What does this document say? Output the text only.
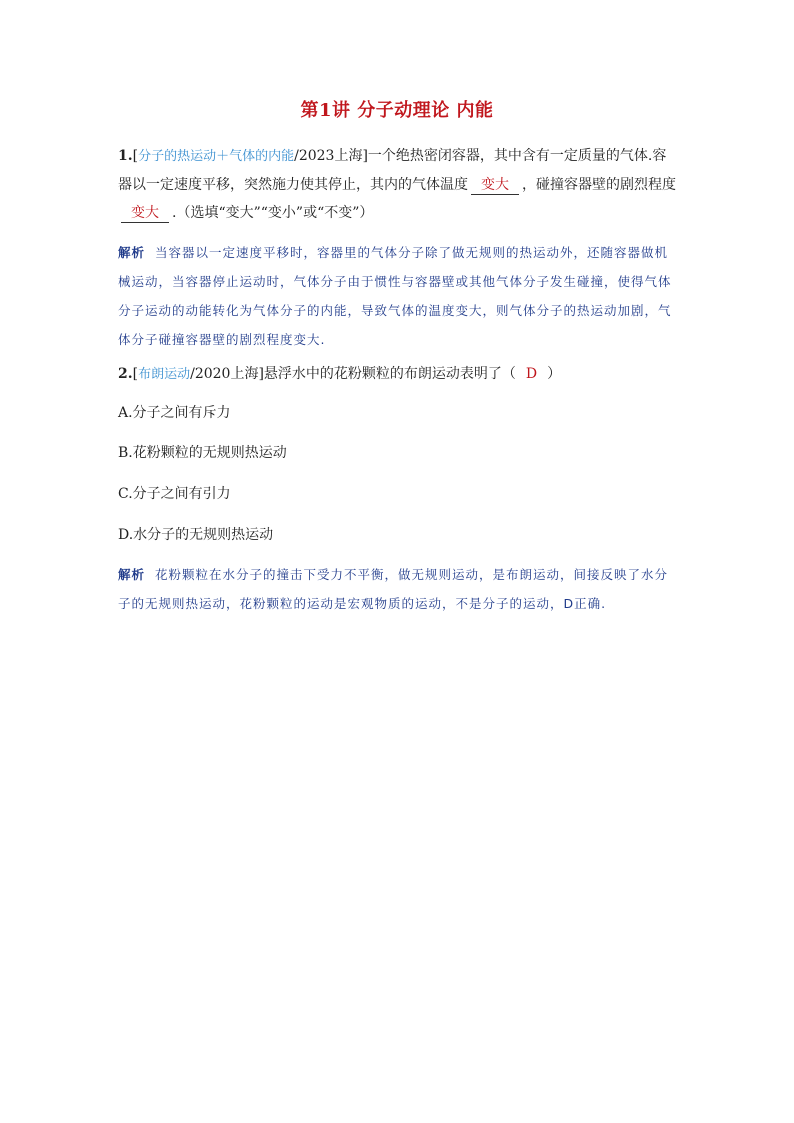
第1讲 分子动理论 内能
1.[分子的热运动＋气体的内能/2023上海]一个绝热密闭容器，其中含有一定质量的气体.容器以一定速度平移，突然施力使其停止，其内的气体温度 变大 ，碰撞容器壁的剧烈程度变大 .（选填“变大”“变小”或“不变”）
解析 当容器以一定速度平移时，容器里的气体分子除了做无规则的热运动外，还随容器做机械运动，当容器停止运动时，气体分子由于惯性与容器壁或其他气体分子发生碰撞，使得气体分子运动的动能转化为气体分子的内能，导致气体的温度变大，则气体分子的热运动加剧，气体分子碰撞容器壁的剧烈程度变大.
2.[布朗运动/2020上海]悬浮水中的花粉颗粒的布朗运动表明了（ D ）
A.分子之间有斥力
B.花粉颗粒的无规则热运动
C.分子之间有引力
D.水分子的无规则热运动
解析 花粉颗粒在水分子的撞击下受力不平衡，做无规则运动，是布朗运动，间接反映了水分子的无规则热运动，花粉颗粒的运动是宏观物质的运动，不是分子的运动，D正确.
